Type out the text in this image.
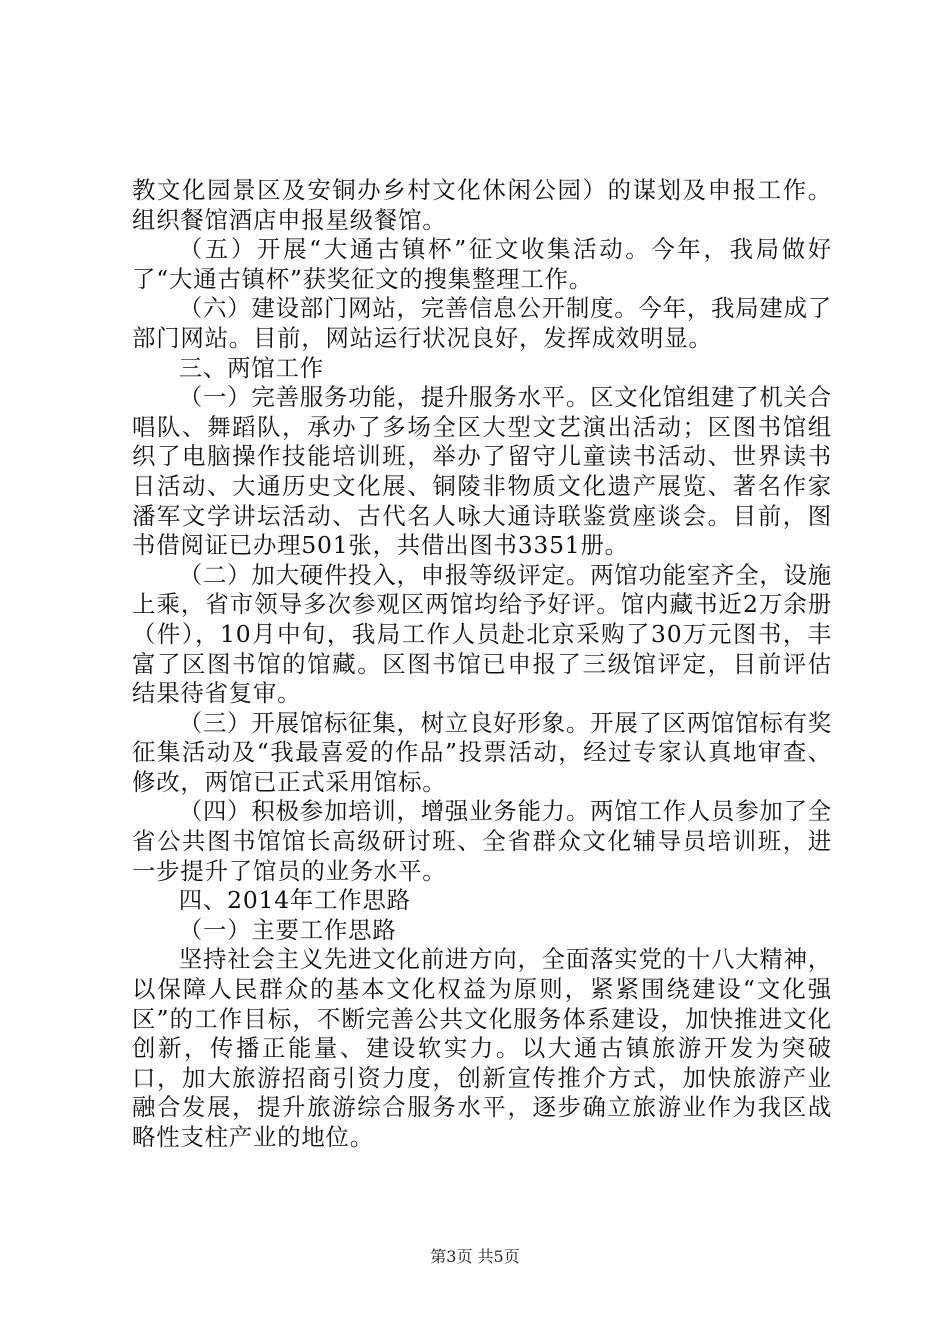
教文化园景区及安铜办乡村文化休闲公园）的谋划及申报工作。组织餐馆酒店申报星级餐馆。

（五）开展“大通古镇杯”征文收集活动。今年，我局做好了“大通古镇杯”获奖征文的搜集整理工作。

（六）建设部门网站，完善信息公开制度。今年，我局建成了部门网站。目前，网站运行状况良好，发挥成效明显。

三、两馆工作

（一）完善服务功能，提升服务水平。区文化馆组建了机关合唱队、舞蹈队，承办了多场全区大型文艺演出活动；区图书馆组织了电脑操作技能培训班，举办了留守儿童读书活动、世界读书日活动、大通历史文化展、铜陵非物质文化遗产展览、著名作家潘军文学讲坛活动、古代名人咏大通诗联鉴赏座谈会。目前，图书借阅证已办理501张，共借出图书3351册。

（二）加大硬件投入，申报等级评定。两馆功能室齐全，设施上乘，省市领导多次参观区两馆均给予好评。馆内藏书近2万余册（件），10月中旬，我局工作人员赴北京采购了30万元图书，丰富了区图书馆的馆藏。区图书馆已申报了三级馆评定，目前评估结果待省复审。

（三）开展馆标征集，树立良好形象。开展了区两馆馆标有奖征集活动及“我最喜爱的作品”投票活动，经过专家认真地审查、修改，两馆已正式采用馆标。

（四）积极参加培训，增强业务能力。两馆工作人员参加了全省公共图书馆馆长高级研讨班、全省群众文化辅导员培训班，进一步提升了馆员的业务水平。

四、2014年工作思路

（一）主要工作思路

坚持社会主义先进文化前进方向，全面落实党的十八大精神，以保障人民群众的基本文化权益为原则，紧紧围绕建设“文化强区”的工作目标，不断完善公共文化服务体系建设，加快推进文化创新，传播正能量、建设软实力。以大通古镇旅游开发为突破口，加大旅游招商引资力度，创新宣传推介方式，加快旅游产业融合发展，提升旅游综合服务水平，逐步确立旅游业作为我区战略性支柱产业的地位。

第3页 共5页
